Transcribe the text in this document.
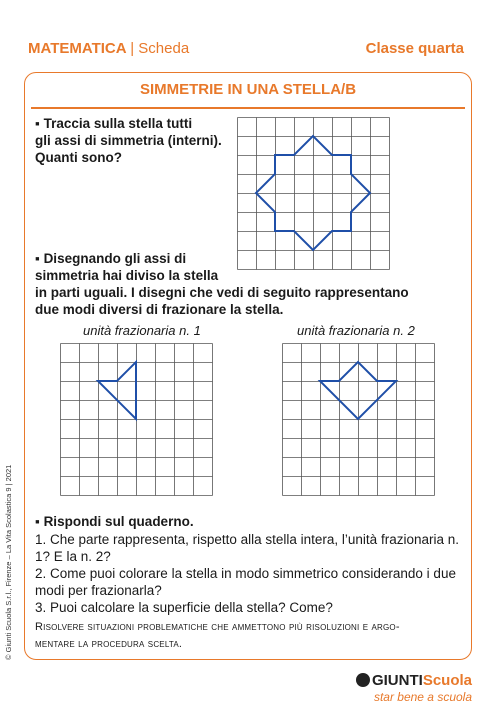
MATEMATICA | Scheda	Classe quarta
SIMMETRIE IN UNA STELLA/B
▪ Traccia sulla stella tutti
gli assi di simmetria (interni).
Quanti sono?
▪ Disegnando gli assi di
simmetria hai diviso la stella
in parti uguali. I disegni che vedi di seguito rappresentano
due modi diversi di frazionare la stella.
unità frazionaria n. 1	unità frazionaria n. 2
▪ Rispondi sul quaderno.
1. Che parte rappresenta, rispetto alla stella intera, l’unità frazionaria n.
1? E la n. 2?
2. Come puoi colorare la stella in modo simmetrico considerando i due
modi per frazionarla?
3. Puoi calcolare la superficie della stella? Come?
Risolvere situazioni problematiche che ammettono più risoluzioni e argo-
mentare la procedura scelta.
GIUNTIScuola
star bene a scuola
© Giunti Scuola S.r.l., Firenze – La Vita Scolastica 9 | 2021
